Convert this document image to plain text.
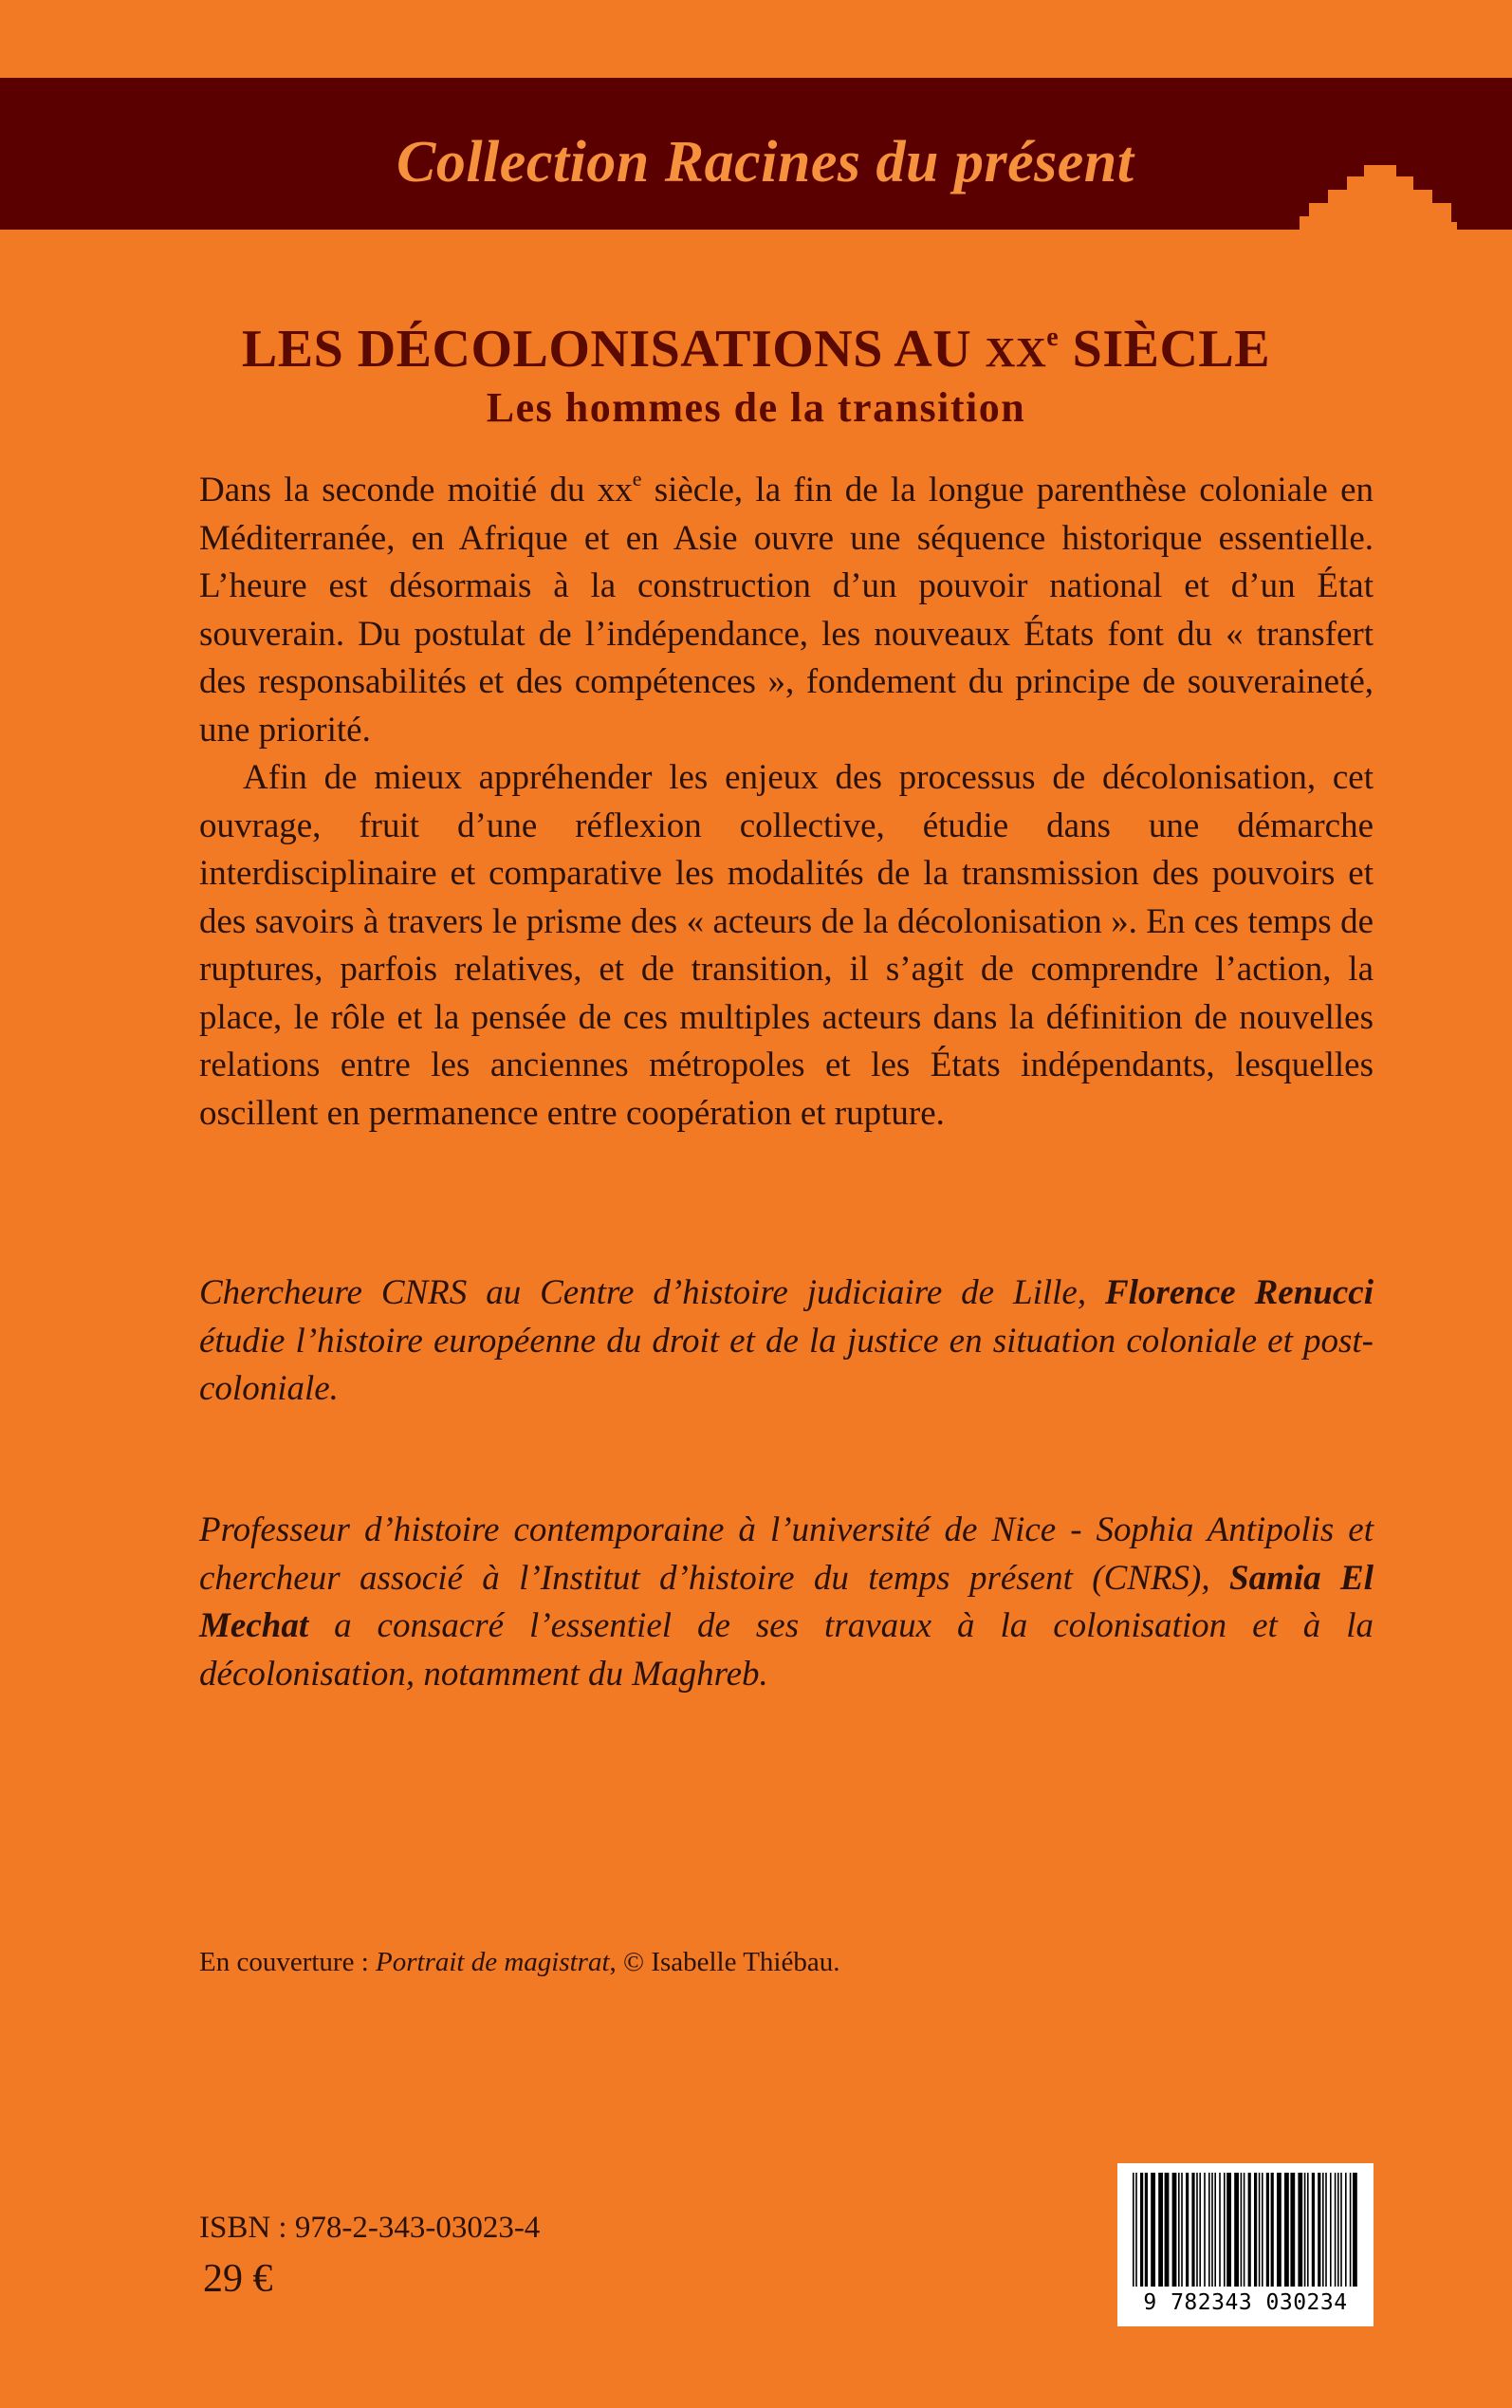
Collection Racines du présent
LES DÉCOLONISATIONS AU XXe SIÈCLE
Les hommes de la transition

Dans la seconde moitié du $xx^e$ siècle, la fin de la longue parenthèse coloniale en Méditerranée, en Afrique et en Asie ouvre une séquence historique essentielle. L’heure est désormais à la construction d’un pouvoir national et d’un État souverain. Du postulat de l’indépendance, les nouveaux États font du « transfert des responsabilités et des compétences », fondement du principe de souveraineté, une priorité.

Afin de mieux appréhender les enjeux des processus de décolonisation, cet ouvrage, fruit d’une réflexion collective, étudie dans une démarche interdisciplinaire et comparative les modalités de la transmission des pouvoirs et des savoirs à travers le prisme des « acteurs de la décolonisation ». En ces temps de ruptures, parfois relatives, et de transition, il s’agit de comprendre l’action, la place, le rôle et la pensée de ces multiples acteurs dans la définition de nouvelles relations entre les anciennes métropoles et les États indépendants, lesquelles oscillent en permanence entre coopération et rupture.

Chercheure CNRS au Centre d’histoire judiciaire de Lille, Florence Renucci étudie l’histoire européenne du droit et de la justice en situation coloniale et post-coloniale.
Professeur d’histoire contemporaine à l’université de Nice - Sophia Antipolis et chercheur associé à l’Institut d’histoire du temps présent (CNRS), Samia El Mechat a consacré l’essentiel de ses travaux à la colonisation et à la décolonisation, notamment du Maghreb.
En couverture : Portrait de magistrat, © Isabelle Thiébau.
ISBN : 978-2-343-03023-4
29 €
9 782343 030234
